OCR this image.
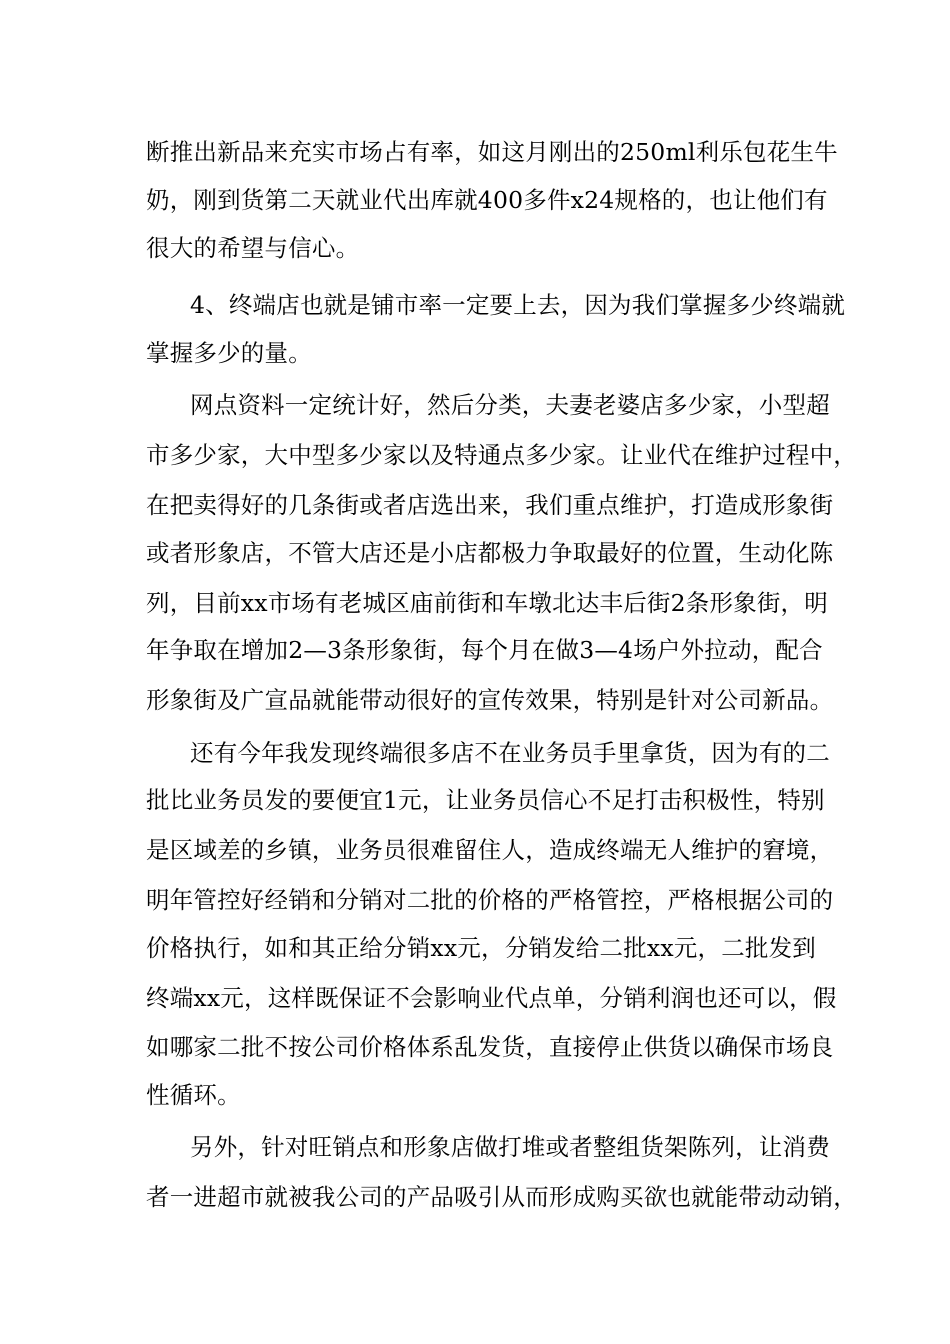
断推出新品来充实市场占有率，如这月刚出的250ml利乐包花生牛
奶，刚到货第二天就业代出库就400多件x24规格的，也让他们有
很大的希望与信心。
4、终端店也就是铺市率一定要上去，因为我们掌握多少终端就
掌握多少的量。
网点资料一定统计好，然后分类，夫妻老婆店多少家，小型超
市多少家，大中型多少家以及特通点多少家。让业代在维护过程中，
在把卖得好的几条街或者店选出来，我们重点维护，打造成形象街
或者形象店，不管大店还是小店都极力争取最好的位置，生动化陈
列，目前xx市场有老城区庙前街和车墩北达丰后街2条形象街，明
年争取在增加2—3条形象街，每个月在做3—4场户外拉动，配合
形象街及广宣品就能带动很好的宣传效果，特别是针对公司新品。
还有今年我发现终端很多店不在业务员手里拿货，因为有的二
批比业务员发的要便宜1元，让业务员信心不足打击积极性，特别
是区域差的乡镇，业务员很难留住人，造成终端无人维护的窘境，
明年管控好经销和分销对二批的价格的严格管控，严格根据公司的
价格执行，如和其正给分销xx元，分销发给二批xx元，二批发到
终端xx元，这样既保证不会影响业代点单，分销利润也还可以，假
如哪家二批不按公司价格体系乱发货，直接停止供货以确保市场良
性循环。
另外，针对旺销点和形象店做打堆或者整组货架陈列，让消费
者一进超市就被我公司的产品吸引从而形成购买欲也就能带动动销，
